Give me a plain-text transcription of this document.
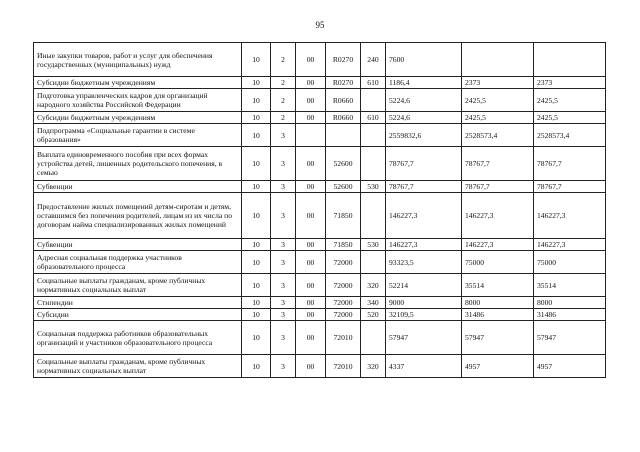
95
Иные закупки товаров, работ и услуг для обеспечения государственных (муниципальных) нужд	10	2	00	R0270	240	7600		
Субсидии бюджетным учреждениям	10	2	00	R0270	610	1186,4	2373	2373
Подготовка управленческих кадров для организаций народного хозяйства Российской Федерации	10	2	00	R0660		5224,6	2425,5	2425,5
Субсидии бюджетным учреждениям	10	2	00	R0660	610	5224,6	2425,5	2425,5
Подпрограмма «Социальные гарантии в системе образования»	10	3				2559832,6	2528573,4	2528573,4
Выплата единовременного пособия при всех формах устройства детей, лишенных родительского попечения, в семью	10	3	00	52600		78767,7	78767,7	78767,7
Субвенции	10	3	00	52600	530	78767,7	78767,7	78767,7
Предоставление жилых помещений детям-сиротам и детям, оставшимся без попечения родителей, лицам из их числа по договорам найма специализированных жилых помещений	10	3	00	71850		146227,3	146227,3	146227,3
Субвенции	10	3	00	71850	530	146227,3	146227,3	146227,3
Адресная социальная поддержка участников образовательного процесса	10	3	00	72000		93323,5	75000	75000
Социальные выплаты гражданам, кроме публичных нормативных социальных выплат	10	3	00	72000	320	52214	35514	35514
Стипендии	10	3	00	72000	340	9000	8000	8000
Субсидии	10	3	00	72000	520	32109,5	31486	31486
Социальная поддержка работников образовательных организаций и участников образовательного процесса	10	3	00	72010		57947	57947	57947
Социальные выплаты гражданам, кроме публичных нормативных социальных выплат	10	3	00	72010	320	4337	4957	4957
